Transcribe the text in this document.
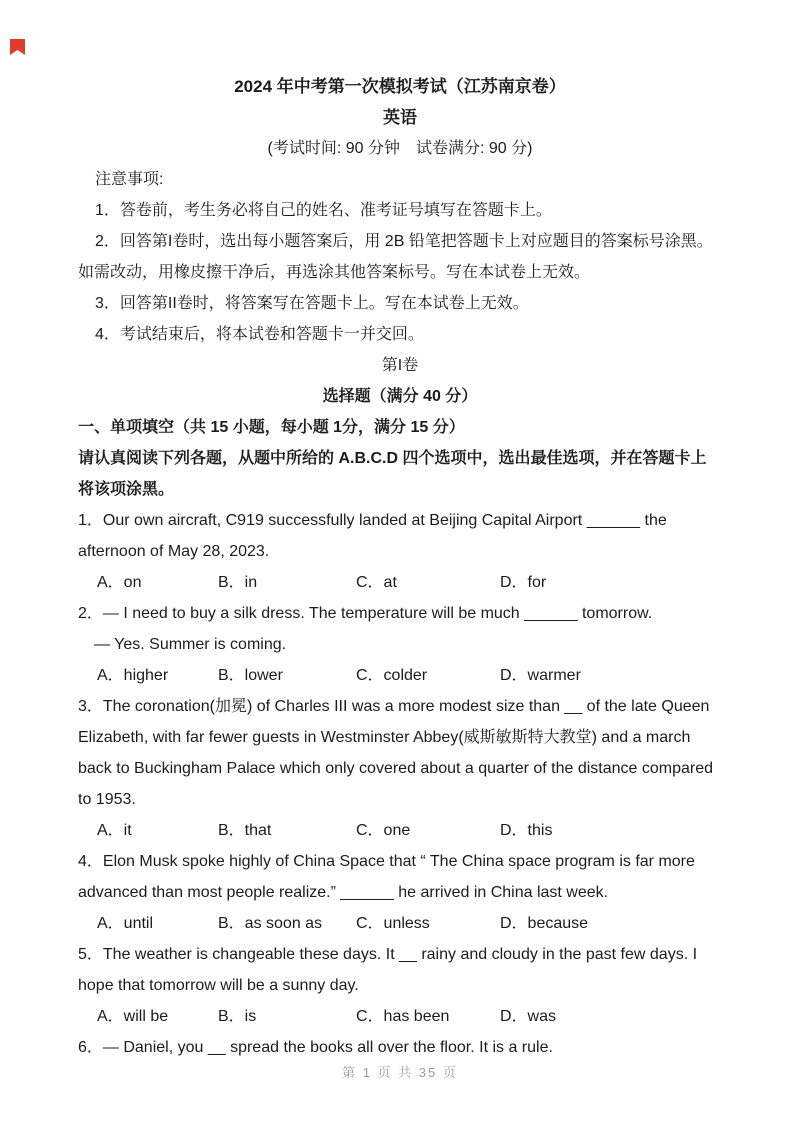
2024 年中考第一次模拟考试（江苏南京卷）

英语

(考试时间: 90 分钟　试卷满分: 90 分)

注意事项:

1．答卷前，考生务必将自己的姓名、准考证号填写在答题卡上。

2．回答第I卷时，选出每小题答案后，用 2B 铅笔把答题卡上对应题目的答案标号涂黑。如需改动，用橡皮擦干净后，再选涂其他答案标号。写在本试卷上无效。

3．回答第II卷时，将答案写在答题卡上。写在本试卷上无效。

4．考试结束后，将本试卷和答题卡一并交回。

第I卷

选择题（满分 40 分）

一、单项填空（共 15 小题，每小题 1分，满分 15 分）

请认真阅读下列各题，从题中所给的 A.B.C.D 四个选项中，选出最佳选项，并在答题卡上将该项涂黑。

1．Our own aircraft, C919 successfully landed at Beijing Capital Airport ______ the afternoon of May 28, 2023.

A．on	B．in	C．at	D．for

2．— I need to buy a silk dress. The temperature will be much ______ tomorrow.

— Yes. Summer is coming.

A．higher	B．lower	C．colder	D．warmer

3．The coronation(加冕) of Charles III was a more modest size than __ of the late Queen Elizabeth, with far fewer guests in Westminster Abbey(威斯敏斯特大教堂) and a march back to Buckingham Palace which only covered about a quarter of the distance compared to 1953.

A．it	B．that	C．one	D．this

4．Elon Musk spoke highly of China Space that “ The China space program is far more advanced than most people realize.” ______ he arrived in China last week.

A．until	B．as soon as	C．unless	D．because

5．The weather is changeable these days. It __ rainy and cloudy in the past few days. I hope that tomorrow will be a sunny day.

A．will be	B．is	C．has been	D．was

6．— Daniel, you __ spread the books all over the floor. It is a rule.

第 1 页 共 35 页
